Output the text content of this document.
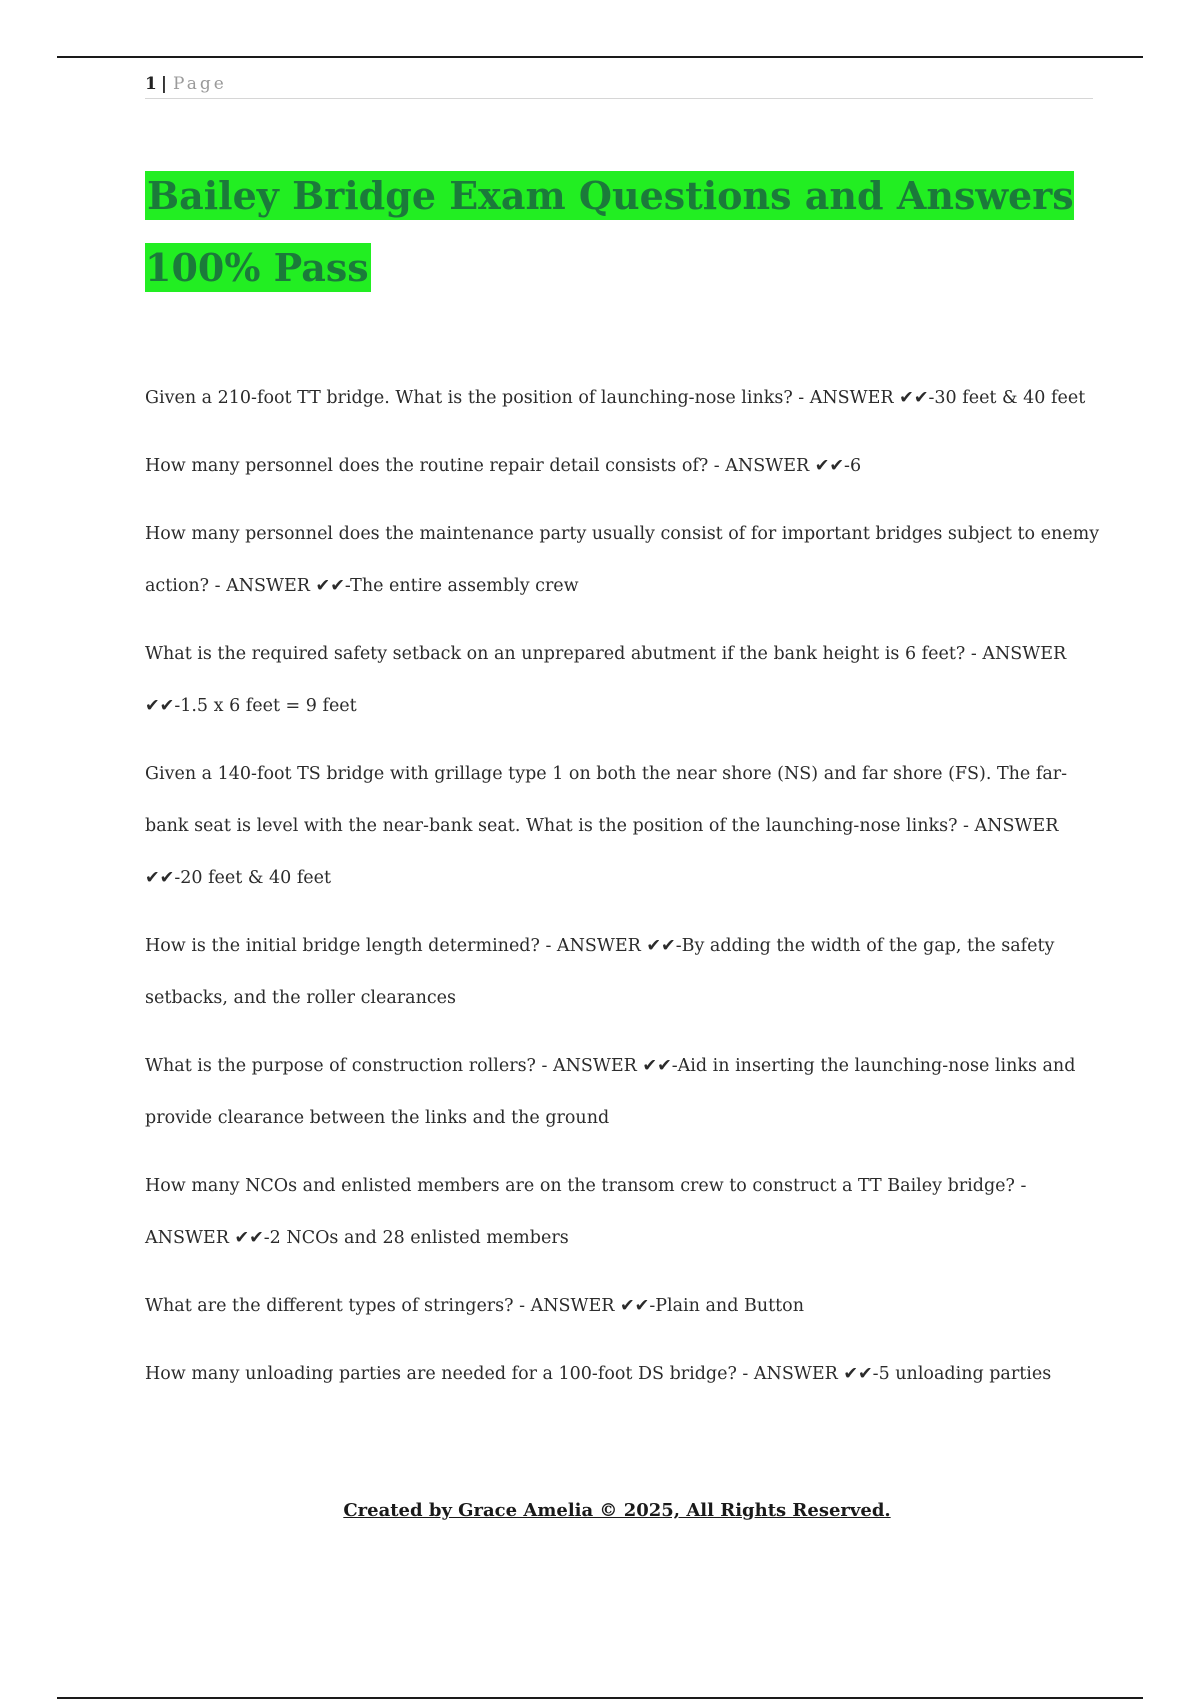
1 | Page
Bailey Bridge Exam Questions and Answers 100% Pass
Given a 210-foot TT bridge. What is the position of launching-nose links? - ANSWER ✔✔-30 feet & 40 feet
How many personnel does the routine repair detail consists of? - ANSWER ✔✔-6
How many personnel does the maintenance party usually consist of for important bridges subject to enemy action? - ANSWER ✔✔-The entire assembly crew
What is the required safety setback on an unprepared abutment if the bank height is 6 feet? - ANSWER ✔✔-1.5 x 6 feet = 9 feet
Given a 140-foot TS bridge with grillage type 1 on both the near shore (NS) and far shore (FS). The far-bank seat is level with the near-bank seat. What is the position of the launching-nose links? - ANSWER ✔✔-20 feet & 40 feet
How is the initial bridge length determined? - ANSWER ✔✔-By adding the width of the gap, the safety setbacks, and the roller clearances
What is the purpose of construction rollers? - ANSWER ✔✔-Aid in inserting the launching-nose links and provide clearance between the links and the ground
How many NCOs and enlisted members are on the transom crew to construct a TT Bailey bridge? - ANSWER ✔✔-2 NCOs and 28 enlisted members
What are the different types of stringers? - ANSWER ✔✔-Plain and Button
How many unloading parties are needed for a 100-foot DS bridge? - ANSWER ✔✔-5 unloading parties
Created by Grace Amelia © 2025, All Rights Reserved.
